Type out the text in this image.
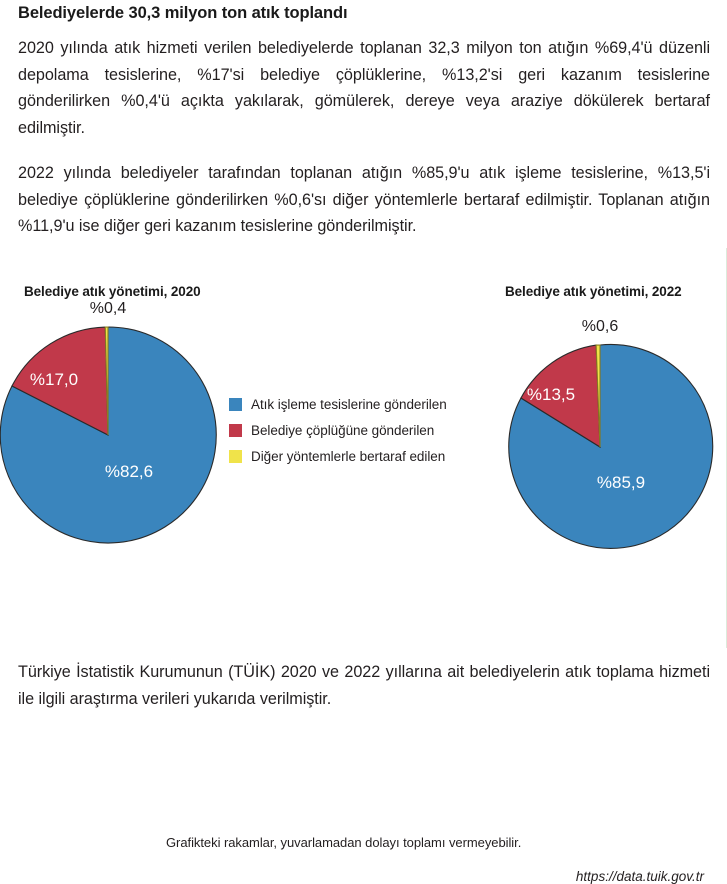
Belediyelerde 30,3 milyon ton atık toplandı
2020 yılında atık hizmeti verilen belediyelerde toplanan 32,3 milyon ton atığın %69,4'ü düzenli depolama tesislerine, %17'si belediye çöplüklerine, %13,2'si geri kazanım tesislerine gönderilirken %0,4'ü açıkta yakılarak, gömülerek, dereye veya araziye dökülerek bertaraf edilmiştir.
2022 yılında belediyeler tarafından toplanan atığın %85,9'u atık işleme tesislerine, %13,5'i belediye çöplüklerine gönderilirken %0,6'sı diğer yöntemlerle bertaraf edilmiştir. Toplanan atığın %11,9'u ise diğer geri kazanım tesislerine gönderilmiştir.
Belediye atık yönetimi, 2020	Belediye atık yönetimi, 2022
%82,6
%17,0
%0,4
%85,9
%13,5
%0,6
Atık işleme tesislerine gönderilen
Belediye çöplüğüne gönderilen
Diğer yöntemlerle bertaraf edilen
Grafikteki rakamlar, yuvarlamadan dolayı toplamı vermeyebilir.
https://data.tuik.gov.tr
Türkiye İstatistik Kurumunun (TÜİK) 2020 ve 2022 yıllarına ait belediyelerin atık toplama hizmeti ile ilgili araştırma verileri yukarıda verilmiştir.
